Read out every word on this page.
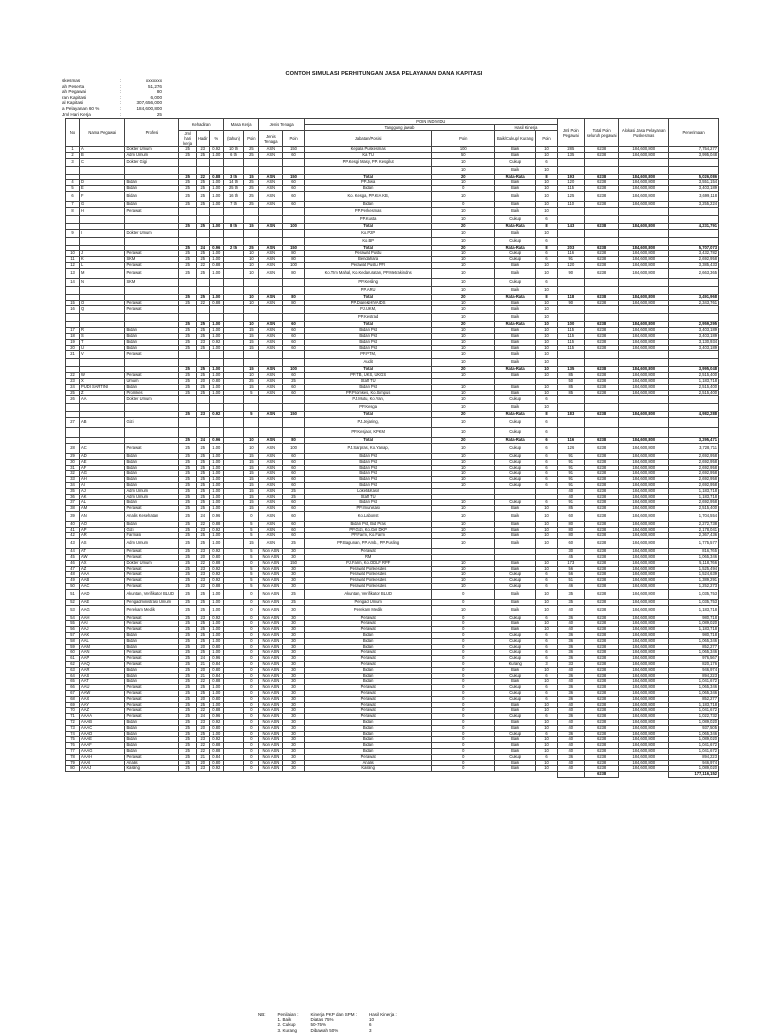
CONTOH SIMULASI PERHITUNGAN JASA PELAYANAN DANA KAPITASI
skesmas	:	xxxxxxx
ah Peserta	:	51,276
ah Pegawai	:	80
ran Kapitasi	:	6,000
al Kapitasi	:	307,656,000
a Pelayanan 60 %	:	184,600,800
Jml Hari Kerja	:	25
No	Nama Pegawai	Profesi	Kehadiran			Masa Kerja		Jenis Tenaga		POIN INDIVIDU				Jml Poin Pegawai	Total Poin seluruh pegawai	Alokasi Jasa Pelayanan Puskesmas	Penerimaan
										Tanggung jawab		Hasil Kinerja					
			Jml hari kerja	Hadir	%	(tahun)	Poin	Jenis Tenaga	Poin	Jabatan/Posisi	Poin	Baik/Cukup/ Kurang	Poin				
1	A	Dokter Umum	25	23	0.92	10 th	25	ASN	150	Kepala Puskesmas	100	Baik	10	285	6238	184,600,800	7,754,277
2	B	Adm Umum	25	25	1.00	6 th	25	ASN	60	Ka TU	50	Baik	10	135	6238	184,600,800	3,995,048
3	C	Dokter Gigi								PP.Kesgi Masy, PP. Kesgilut	10	Cukup	6				
											10	Baik	10				
			25	22	0.88	3 th	15	ASN	150	Total	20	Rata-Rata	8	193	6238	184,600,800	5,026,086
4	D	Bidan	25	25	1.00	14 th	25	ASN	60	PP.Jiwa	10	Baik	10	120	6238	184,600,800	3,551,154
5	E	Bidan	25	25	1.00	25 th	25	ASN	60	Bidan	0	Baik	10	115	6238	184,600,800	3,403,189
6	F	Bidan	25	25	1.00	16 th	25	ASN	60	Ko. Kesga, PP.KIA KB,	10	Baik	10	125	6238	184,600,800	3,699,118
7	G	Bidan	25	25	1.00	7 th	25	ASN	60	Bidan	0	Baik	10	110	6238	184,600,800	3,255,224
8	H	Perawat								PP.Perkesmas	10	Baik	10				
										PP.Kusta	10	Cukup	6				
			25	25	1.00	8 th	15	ASN	100	Total	20	Rata-Rata	8	143	6238	184,600,800	4,231,791
9	I	Dokter Umum								Ko.P2P	10	Baik	10				
										Ko.BP	10	Cukup	6				
			25	24	0.96	2 th	25	ASN	150	Total	20	Rata-Rata	8	203	6238	184,600,800	5,707,073
10	J	Perawat	25	25	1.00		10	ASN	80	Perawat Pustu	10	Cukup	6	116	6238	184,600,800	3,432,782
11	K	SKM	25	25	1.00		10	ASN	80	Bendahara	10	Cukup	6	91	6238	184,600,800	2,692,958
12	L	Perawat	25	22	0.88		10	ASN	100	Perawat Pustu PFI	10	Baik	10	120	6238	184,600,800	3,385,433
13	M	Perawat	25	25	1.00		10	ASN	80	Ko.TIm Mahal, Ko.Kedaruratan, PP.Metrakindns	10	Baik	10	90	6238	184,600,800	2,663,365
14	N	SKM								PP.Kesling	10	Cukup	6				
										PP.ARU	10	Baik	10				
			25	25	1.00		10	ASN	80	Total	20	Rata-Rata	8	118	6238	184,600,800	3,491,968
15	O	Perawat	25	22	0.88		10	ASN	80	PP.Diare&HIVAIDS	10	Baik	10	90	6238	184,600,800	2,343,761
16	Q	Perawat								PJ.UKM,	10	Baik	10				
										PP.Kestrad	10	Baik	10				
			25	25	1.00		10	ASN	60	Total	20	Rata-Rata	10	100	6238	184,600,800	2,959,295
17	R	Bidan	25	25	1.00		15	ASN	60	Bidan Pst	10	Baik	10	115	6238	184,600,800	3,403,189
18	S	Bidan	25	25	1.00		15	ASN	60	Bidan Pst	10	Baik	10	115	6238	184,600,800	3,403,189
19	T	Bidan	25	23	0.92		15	ASN	60	Bidan Pst	10	Baik	10	115	6238	184,600,800	3,130,934
20	U	Bidan	25	25	1.00		15	ASN	60	Bidan Pst	10	Baik	10	115	6238	184,600,800	3,403,189
21	V	Perawat								PP.PTM,	10	Baik	10				
										Audit	10	Baik	10				
			25	25	1.00		15	ASN	100	Total	20	Rata-Rata	10	135	6238	184,600,800	3,995,048
22	W	Perawat	25	25	1.00		10	ASN	60	PP.TB, UKS, UKGS	10	Baik	10	85	6238	184,600,800	2,515,400
23	X	Umum	25	20	0.80		25	ASN	25	Staff TU				50	6238	184,600,800	1,183,718
24	PUDI SARTINI	Bidan	25	25	1.00		15	ASN	60	Bidan Pst	10	Baik	10	85	6238	184,600,800	2,515,400
25	Z	Promkes	25	25	1.00		5	ASN	60	PP.Promkes, Ko.Simpus	10	Baik	10	85	6238	184,600,800	2,515,400
26	AA	Dokter Umum								PJ.Mutu, Ko.Yan,	10	Cukup	6				
										PP.Kesga	10	Baik	10				
			25	23	0.92		5	ASN	150	Total	20	Rata-Rata	8	183	6238	184,600,800	4,982,288
27	AB	Gizi								PJ.Jejaring,	10	Cukup	6				
										PP.Kesjaor, KPKM	10	Cukup	6				
			25	24	0.96		10	ASN	80	Total	20	Rata-Rata	6	116	6238	184,600,800	3,295,471
28	AC	Perawat	25	25	1.00		10	ASN	100	PJ.Sarpras, Ko.Yanap,	10	Cukup	6	126	6238	184,600,800	3,728,711
29	AD	Bidan	25	25	1.00		15	ASN	60	Bidan Pst	10	Cukup	6	91	6238	184,600,800	2,692,958
30	AE	Bidan	25	25	1.00		15	ASN	60	Bidan Pst	10	Cukup	6	91	6238	184,600,800	2,692,958
31	AF	Bidan	25	25	1.00		15	ASN	60	Bidan Pst	10	Cukup	6	91	6238	184,600,800	2,692,958
32	AG	Bidan	25	25	1.00		15	ASN	60	Bidan Pst	10	Cukup	6	91	6238	184,600,800	2,692,958
33	AH	Bidan	25	25	1.00		15	ASN	60	Bidan Pst	10	Cukup	6	91	6238	184,600,800	2,692,958
34	AI	Bidan	25	25	1.00		15	ASN	60	Bidan Pst	10	Cukup	6	91	6238	184,600,800	2,692,958
35	AJ	Adm Umum	25	25	1.00		15	ASN	25	Loket&Kasir				40	6238	184,600,800	1,183,718
36	AK	Adm Umum	25	25	1.00		15	ASN	25	Staff TU				40	6238	184,600,800	1,183,718
37	AL	Bidan	25	25	1.00		15	ASN	60	Bidan Pst	10	Cukup	6	91	6238	184,600,800	2,692,958
38	AM	Perawat	25	25	1.00		15	ASN	60	PP.Imunisasi	10	Baik	10	85	6238	184,600,800	2,515,400
39	AN	Analis Kesehatan	25	24	0.96		0	ASN	60	Ko.Labonst	10	Baik	10	60	6238	184,600,800	1,704,554
40	AO	Bidan	25	22	0.88		5	ASN	60	Bidan Pst, Bid Pras	10	Baik	10	80	6238	184,600,800	2,272,738
41	AP	Gizi	25	23	0.92		5	ASN	60	PP.Gizi, Ko.Gel DKP	10	Baik	10	80	6238	184,600,800	2,178,041
42	AR	Farmasi	25	25	1.00		5	ASN	60	PP.Farm, Ko.Farm	10	Baik	10	80	6238	184,600,800	2,367,436
43	AS	Adm Umum	25	25	1.00		15	ASN	25	PP.Bagunan, PP.Amb., PP.Pusling	10	Baik	10	60	6238	184,600,800	1,775,577
44	AT	Perawat	25	23	0.92		5	Non ASN	30	Perawat				30	6238	184,600,800	816,765
45	AW	Perawat	25	20	0.80		5	Non ASN	30	RM				45	6238	184,600,800	1,065,346
46	AX	Dokter Umum	25	22	0.88		0	Non ASN	150	PJ.Farm, Ko.ODLF RPF	10	Baik	10	173	6238	184,600,800	5,118,766
47	AZ	Perawat	25	23	0.92		5	Non ASN	30	Perawat Ponkesdes	10	Baik	10	56	6238	184,600,800	1,525,494
48	AAA	Perawat	25	23	0.92		5	Non ASN	30	Perawat Ponkesdes	10	Cukup	6	56	6238	184,600,800	1,524,639
49	AAB	Perawat	25	23	0.92		5	Non ASN	30	Perawat Ponkesdes	10	Cukup	6	51	6238	184,600,800	1,389,291
50	AAC	Perawat	25	22	0.88		5	Non ASN	30	Perawat Ponkesdes	10	Cukup	6	46	6238	184,600,800	1,252,273
51	AAD	Akuntan, Verifikator BLUD	25	25	1.00		0	Non ASN	25	Akuntan, Verifikator BLUD	0	Baik	10	35	6238	184,600,800	1,035,753
52	AAE	Pengadministrasi Umum	25	25	1.00		0	Non ASN	25	Pengad Umum	0	Baik	10	35	6238	184,600,800	1,035,753
53	AAG	Perekam Medik	25	25	1.00		0	Non ASN	30	Perekam Medik	10	Baik	10	40	6238	184,600,800	1,183,718
54	AAH	Perawat	25	23	0.92		0	Non ASN	30	Perawat	0	Cukup	6	36	6238	184,600,800	980,718
55	AAI	Perawat	25	25	1.00		0	Non ASN	30	Perawat	0	Baik	10	40	6238	184,600,800	1,089,020
56	AAJ	Perawat	25	25	1.00		0	Non ASN	30	Perawat	0	Baik	10	40	6238	184,600,800	1,183,718
57	AAK	Bidan	25	25	1.00		0	Non ASN	30	Bidan	0	Cukup	6	36	6238	184,600,800	980,718
58	AAL	Bidan	25	25	1.00		0	Non ASN	30	Bidan	0	Cukup	6	36	6238	184,600,800	1,065,346
59	AAM	Bidan	25	20	0.80		0	Non ASN	30	Bidan	0	Cukup	6	36	6238	184,600,800	852,277
60	AAN	Perawat	25	25	1.00		0	Non ASN	30	Perawat	0	Cukup	6	36	6238	184,600,800	1,065,346
61	AAP	Perawat	25	24	0.96		0	Non ASN	30	Perawat	0	Cukup	6	36	6238	184,600,800	976,567
62	AAQ	Perawat	25	21	0.84		0	Non ASN	30	Perawat	0	Kurang	3	33	6238	184,600,800	820,176
63	AAR	Bidan	25	20	0.80		0	Non ASN	30	Bidan	0	Baik	10	40	6238	184,600,800	946,974
64	AAS	Bidan	25	21	0.84		0	Non ASN	30	Bidan	0	Cukup	6	36	6238	184,600,800	894,223
65	AAT	Bidan	25	22	0.88		0	Non ASN	30	Bidan	0	Baik	10	40	6238	184,600,800	1,041,672
66	AAU	Perawat	25	25	1.00		0	Non ASN	30	Perawat	0	Cukup	6	36	6238	184,600,800	1,065,346
67	AAW	Perawat	25	25	1.00		0	Non ASN	30	Perawat	0	Cukup	6	36	6238	184,600,800	1,065,346
68	AAX	Perawat	25	20	0.80		0	Non ASN	30	Perawat	0	Cukup	6	36	6238	184,600,800	852,277
69	AAY	Perawat	25	25	1.00		0	Non ASN	30	Perawat	0	Baik	10	40	6238	184,600,800	1,183,718
70	AAZ	Perawat	25	22	0.88		0	Non ASN	30	Perawat	0	Baik	10	40	6238	184,600,800	1,041,672
71	AAAA	Perawat	25	24	0.96		0	Non ASN	30	Perawat	0	Cukup	6	36	6238	184,600,800	1,022,732
72	AAAB	Bidan	25	23	0.92		0	Non ASN	30	Bidan	0	Baik	10	40	6238	184,600,800	1,089,020
73	AAAC	Bidan	25	20	0.80		0	Non ASN	30	Bidan	0	Baik	10	40	6238	184,600,800	937,505
74	AAAD	Bidan	25	25	1.00		0	Non ASN	30	Bidan	0	Cukup	6	36	6238	184,600,800	1,065,346
75	AAAE	Bidan	25	23	0.92		0	Non ASN	30	Bidan	0	Baik	10	40	6238	184,600,800	1,089,020
76	AAAF	Bidan	25	22	0.88		0	Non ASN	30	Bidan	0	Baik	10	40	6238	184,600,800	1,041,672
77	AAAG	Bidan	25	22	0.88		0	Non ASN	30	Bidan	0	Baik	10	40	6238	184,600,800	1,041,672
78	AAAH	Perawat	25	21	0.84		0	Non ASN	30	Perawat	0	Cukup	6	36	6238	184,600,800	894,223
79	AAAI	Analis	25	20	0.80		0	Non ASN	30	Analis	0	Baik	10	40	6238	184,600,800	946,974
80	AAAJ	Kasling	25	23	0.92		0	Non ASN	30	Kasling	0	Baik	10	40	6238	184,600,800	1,089,020
															6238		177,116,152
NB:	Penilaian :
1. Baik
2. Cukup
3. Kurang
Kinerja PKP dan SPM :
Diatas 75%
50-75%
Dibawah 50%
Hasil Kinerja :
10
6
3
